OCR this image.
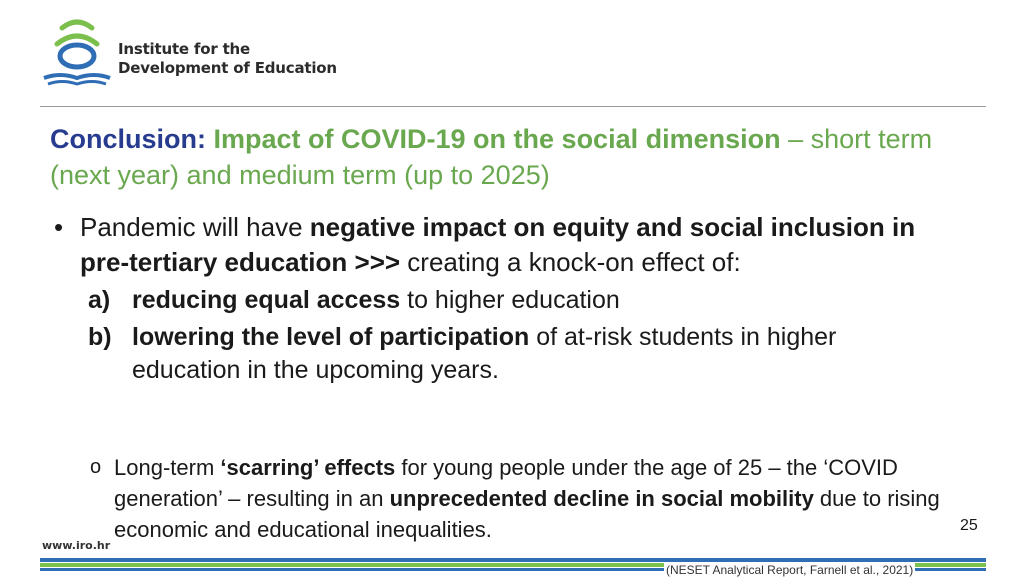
Institute for the
Development of Education
Conclusion: Impact of COVID-19 on the social dimension – short term (next year) and medium term (up to 2025)
• Pandemic will have negative impact on equity and social inclusion in pre-tertiary education >>> creating a knock-on effect of:
a) reducing equal access to higher education
b) lowering the level of participation of at-risk students in higher education in the upcoming years.
o Long-term ‘scarring’ effects for young people under the age of 25 – the ‘COVID generation’ – resulting in an unprecedented decline in social mobility due to rising economic and educational inequalities.	25
www.iro.hr
(NESET Analytical Report, Farnell et al., 2021)
